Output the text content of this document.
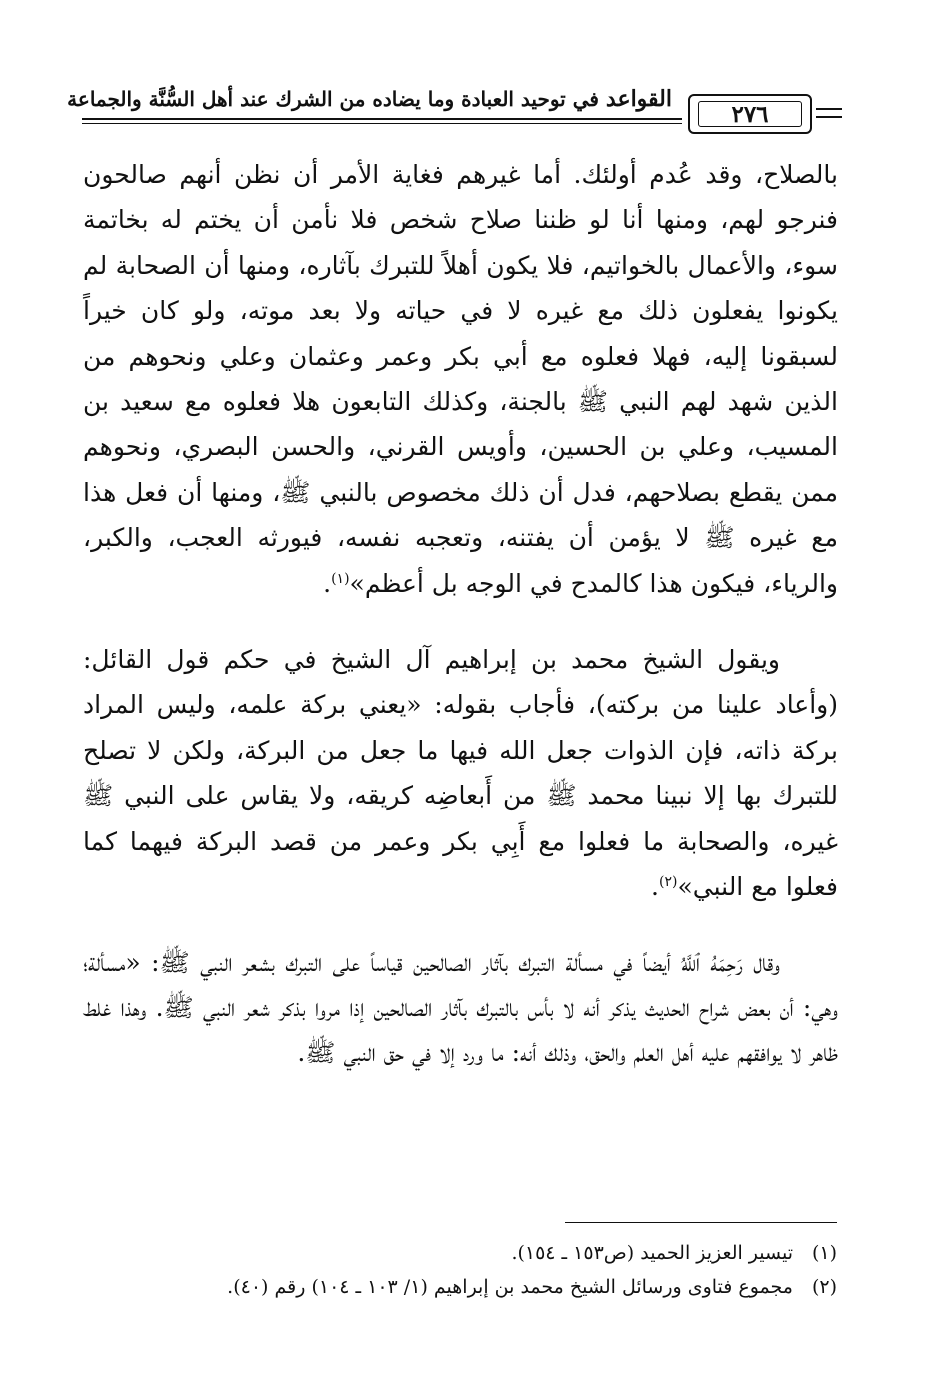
القواعد في توحيد العبادة وما يضاده من الشرك عند أهل السُّنَّة والجماعة
٢٧٦

بالصلاح، وقد عُدم أولئك. أما غيرهم فغاية الأمر أن نظن أنهم صالحون فنرجو لهم، ومنها أنا لو ظننا صلاح شخص فلا نأمن أن يختم له بخاتمة سوء، والأعمال بالخواتيم، فلا يكون أهلاً للتبرك بآثاره، ومنها أن الصحابة لم يكونوا يفعلون ذلك مع غيره لا في حياته ولا بعد موته، ولو كان خيراً لسبقونا إليه، فهلا فعلوه مع أبي بكر وعمر وعثمان وعلي ونحوهم من الذين شهد لهم النبي ﷺ بالجنة، وكذلك التابعون هلا فعلوه مع سعيد بن المسيب، وعلي بن الحسين، وأويس القرني، والحسن البصري، ونحوهم ممن يقطع بصلاحهم، فدل أن ذلك مخصوص بالنبي ﷺ، ومنها أن فعل هذا مع غيره ﷺ لا يؤمن أن يفتنه، وتعجبه نفسه، فيورثه العجب، والكبر، والرياء، فيكون هذا كالمدح في الوجه بل أعظم»$^{(١)}$.

ويقول الشيخ محمد بن إبراهيم آل الشيخ في حكم قول القائل: (وأعاد علينا من بركته)، فأجاب بقوله: «يعني بركة علمه، وليس المراد بركة ذاته، فإن الذوات جعل الله فيها ما جعل من البركة، ولكن لا تصلح للتبرك بها إلا نبينا محمد ﷺ من أَبعاضِه كريقه، ولا يقاس على النبي ﷺ غيره، والصحابة ما فعلوا مع أَبِي بكر وعمر من قصد البركة فيهما كما فعلوا مع النبي»$^{(٢)}$.

وقال رَحِمَهُ ٱللَّهُ أيضاً في مسألة التبرك بآثار الصالحين قياساً على التبرك بشعر النبي ﷺ: «مسألة؛ وهي: أن بعض شراح الحديث يذكر أنه لا بأس بالتبرك بآثار الصالحين إذا مروا بذكر شعر النبي ﷺ. وهذا غلط ظاهر لا يوافقهم عليه أهل العلم والحق، وذلك أنه: ما ورد إلا في حق النبي ﷺ.

(١)تيسير العزيز الحميد (ص١٥٣ ـ ١٥٤).
(٢)مجموع فتاوى ورسائل الشيخ محمد بن إبراهيم (١/ ١٠٣ ـ ١٠٤) رقم (٤٠).
